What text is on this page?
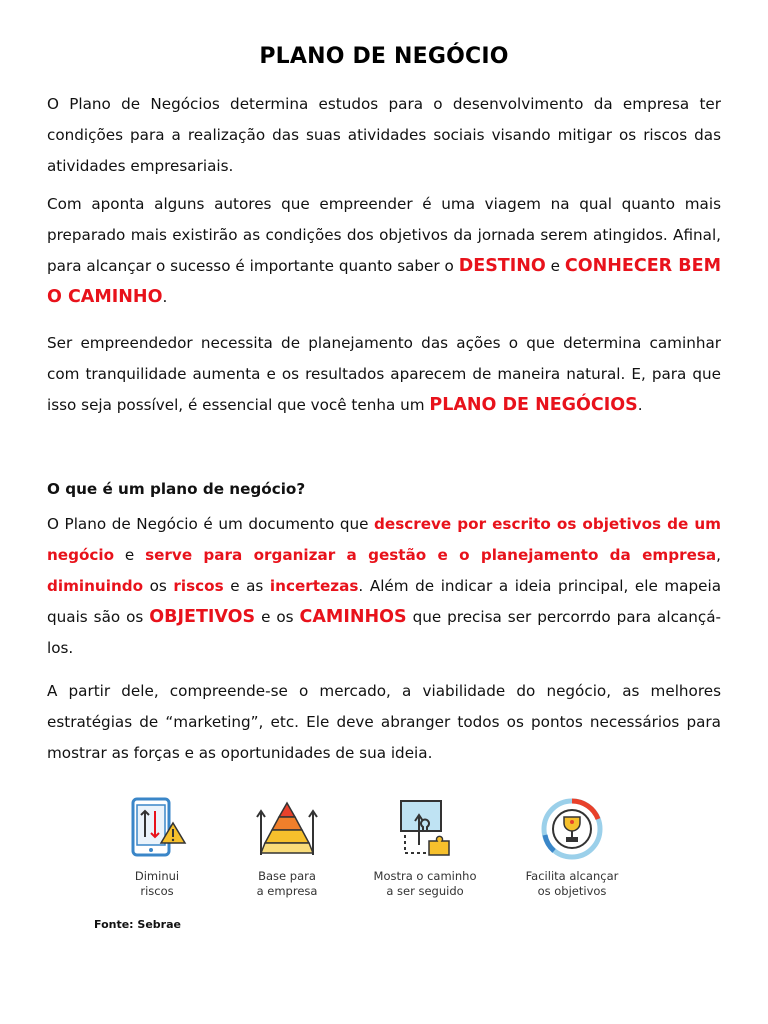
PLANO DE NEGÓCIO

O Plano de Negócios determina estudos para o desenvolvimento da empresa ter condições para a realização das suas atividades sociais visando mitigar os riscos das atividades empresariais.

Com aponta alguns autores que empreender é uma viagem na qual quanto mais preparado mais existirão as condições dos objetivos da jornada serem atingidos. Afinal, para alcançar o sucesso é importante quanto saber o DESTINO e CONHECER BEM O CAMINHO.

Ser empreendedor necessita de planejamento das ações o que determina caminhar com tranquilidade aumenta e os resultados aparecem de maneira natural. E, para que isso seja possível, é essencial que você tenha um PLANO DE NEGÓCIOS.

O que é um plano de negócio?

O Plano de Negócio é um documento que descreve por escrito os objetivos de um negócio e serve para organizar a gestão e o planejamento da empresa, diminuindo os riscos e as incertezas. Além de indicar a ideia principal, ele mapeia quais são os OBJETIVOS e os CAMINHOS que precisa ser percorrdo para alcançá-los.

A partir dele, compreende-se o mercado, a viabilidade do negócio, as melhores estratégias de “marketing”, etc. Ele deve abranger todos os pontos necessários para mostrar as forças e as oportunidades de sua ideia.

Diminui
riscos
Base para
a empresa
Mostra o caminho
a ser seguido
Facilita alcançar
os objetivos
Fonte: Sebrae
